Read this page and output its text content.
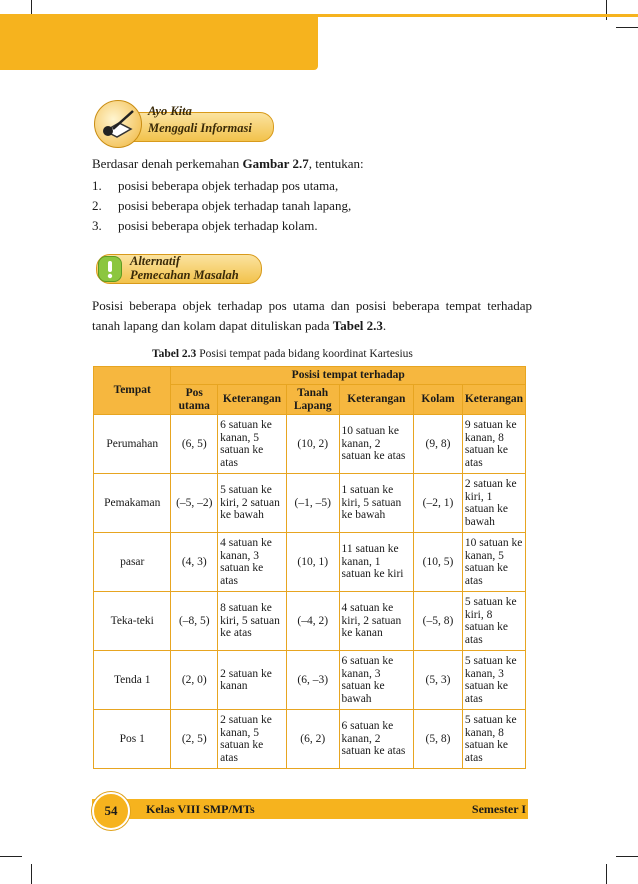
Ayo Kita
Menggali Informasi
Berdasar denah perkemahan Gambar 2.7, tentukan:
1. posisi beberapa objek terhadap pos utama,
2. posisi beberapa objek terhadap tanah lapang,
3. posisi beberapa objek terhadap kolam.
Alternatif
Pemecahan Masalah
Posisi beberapa objek terhadap pos utama dan posisi beberapa tempat terhadap tanah lapang dan kolam dapat dituliskan pada Tabel 2.3.
Tabel 2.3 Posisi tempat pada bidang koordinat Kartesius
Tempat	Posisi tempat terhadap					
	Pos utama	Keterangan	Tanah Lapang	Keterangan	Kolam	Keterangan
Perumahan	(6, 5)	6 satuan ke kanan, 5 satuan ke atas	(10, 2)	10 satuan ke kanan, 2 satuan ke atas	(9, 8)	9 satuan ke kanan, 8 satuan ke atas
Pemakaman	(–5, –2)	5 satuan ke kiri, 2 satuan ke bawah	(–1, –5)	1 satuan ke kiri, 5 satuan ke bawah	(–2, 1)	2 satuan ke kiri, 1 satuan ke bawah
pasar	(4, 3)	4 satuan ke kanan, 3 satuan ke atas	(10, 1)	11 satuan ke kanan, 1 satuan ke kiri	(10, 5)	10 satuan ke kanan, 5 satuan ke atas
Teka-teki	(–8, 5)	8 satuan ke kiri, 5 satuan ke atas	(–4, 2)	4 satuan ke kiri, 2 satuan ke kanan	(–5, 8)	5 satuan ke kiri, 8 satuan ke atas
Tenda 1	(2, 0)	2 satuan ke kanan	(6, –3)	6 satuan ke kanan, 3 satuan ke bawah	(5, 3)	5 satuan ke kanan, 3 satuan ke atas
Pos 1	(2, 5)	2 satuan ke kanan, 5 satuan ke atas	(6, 2)	6 satuan ke kanan, 2 satuan ke atas	(5, 8)	5 satuan ke kanan, 8 satuan ke atas
54	Kelas VIII SMP/MTs	Semester I
